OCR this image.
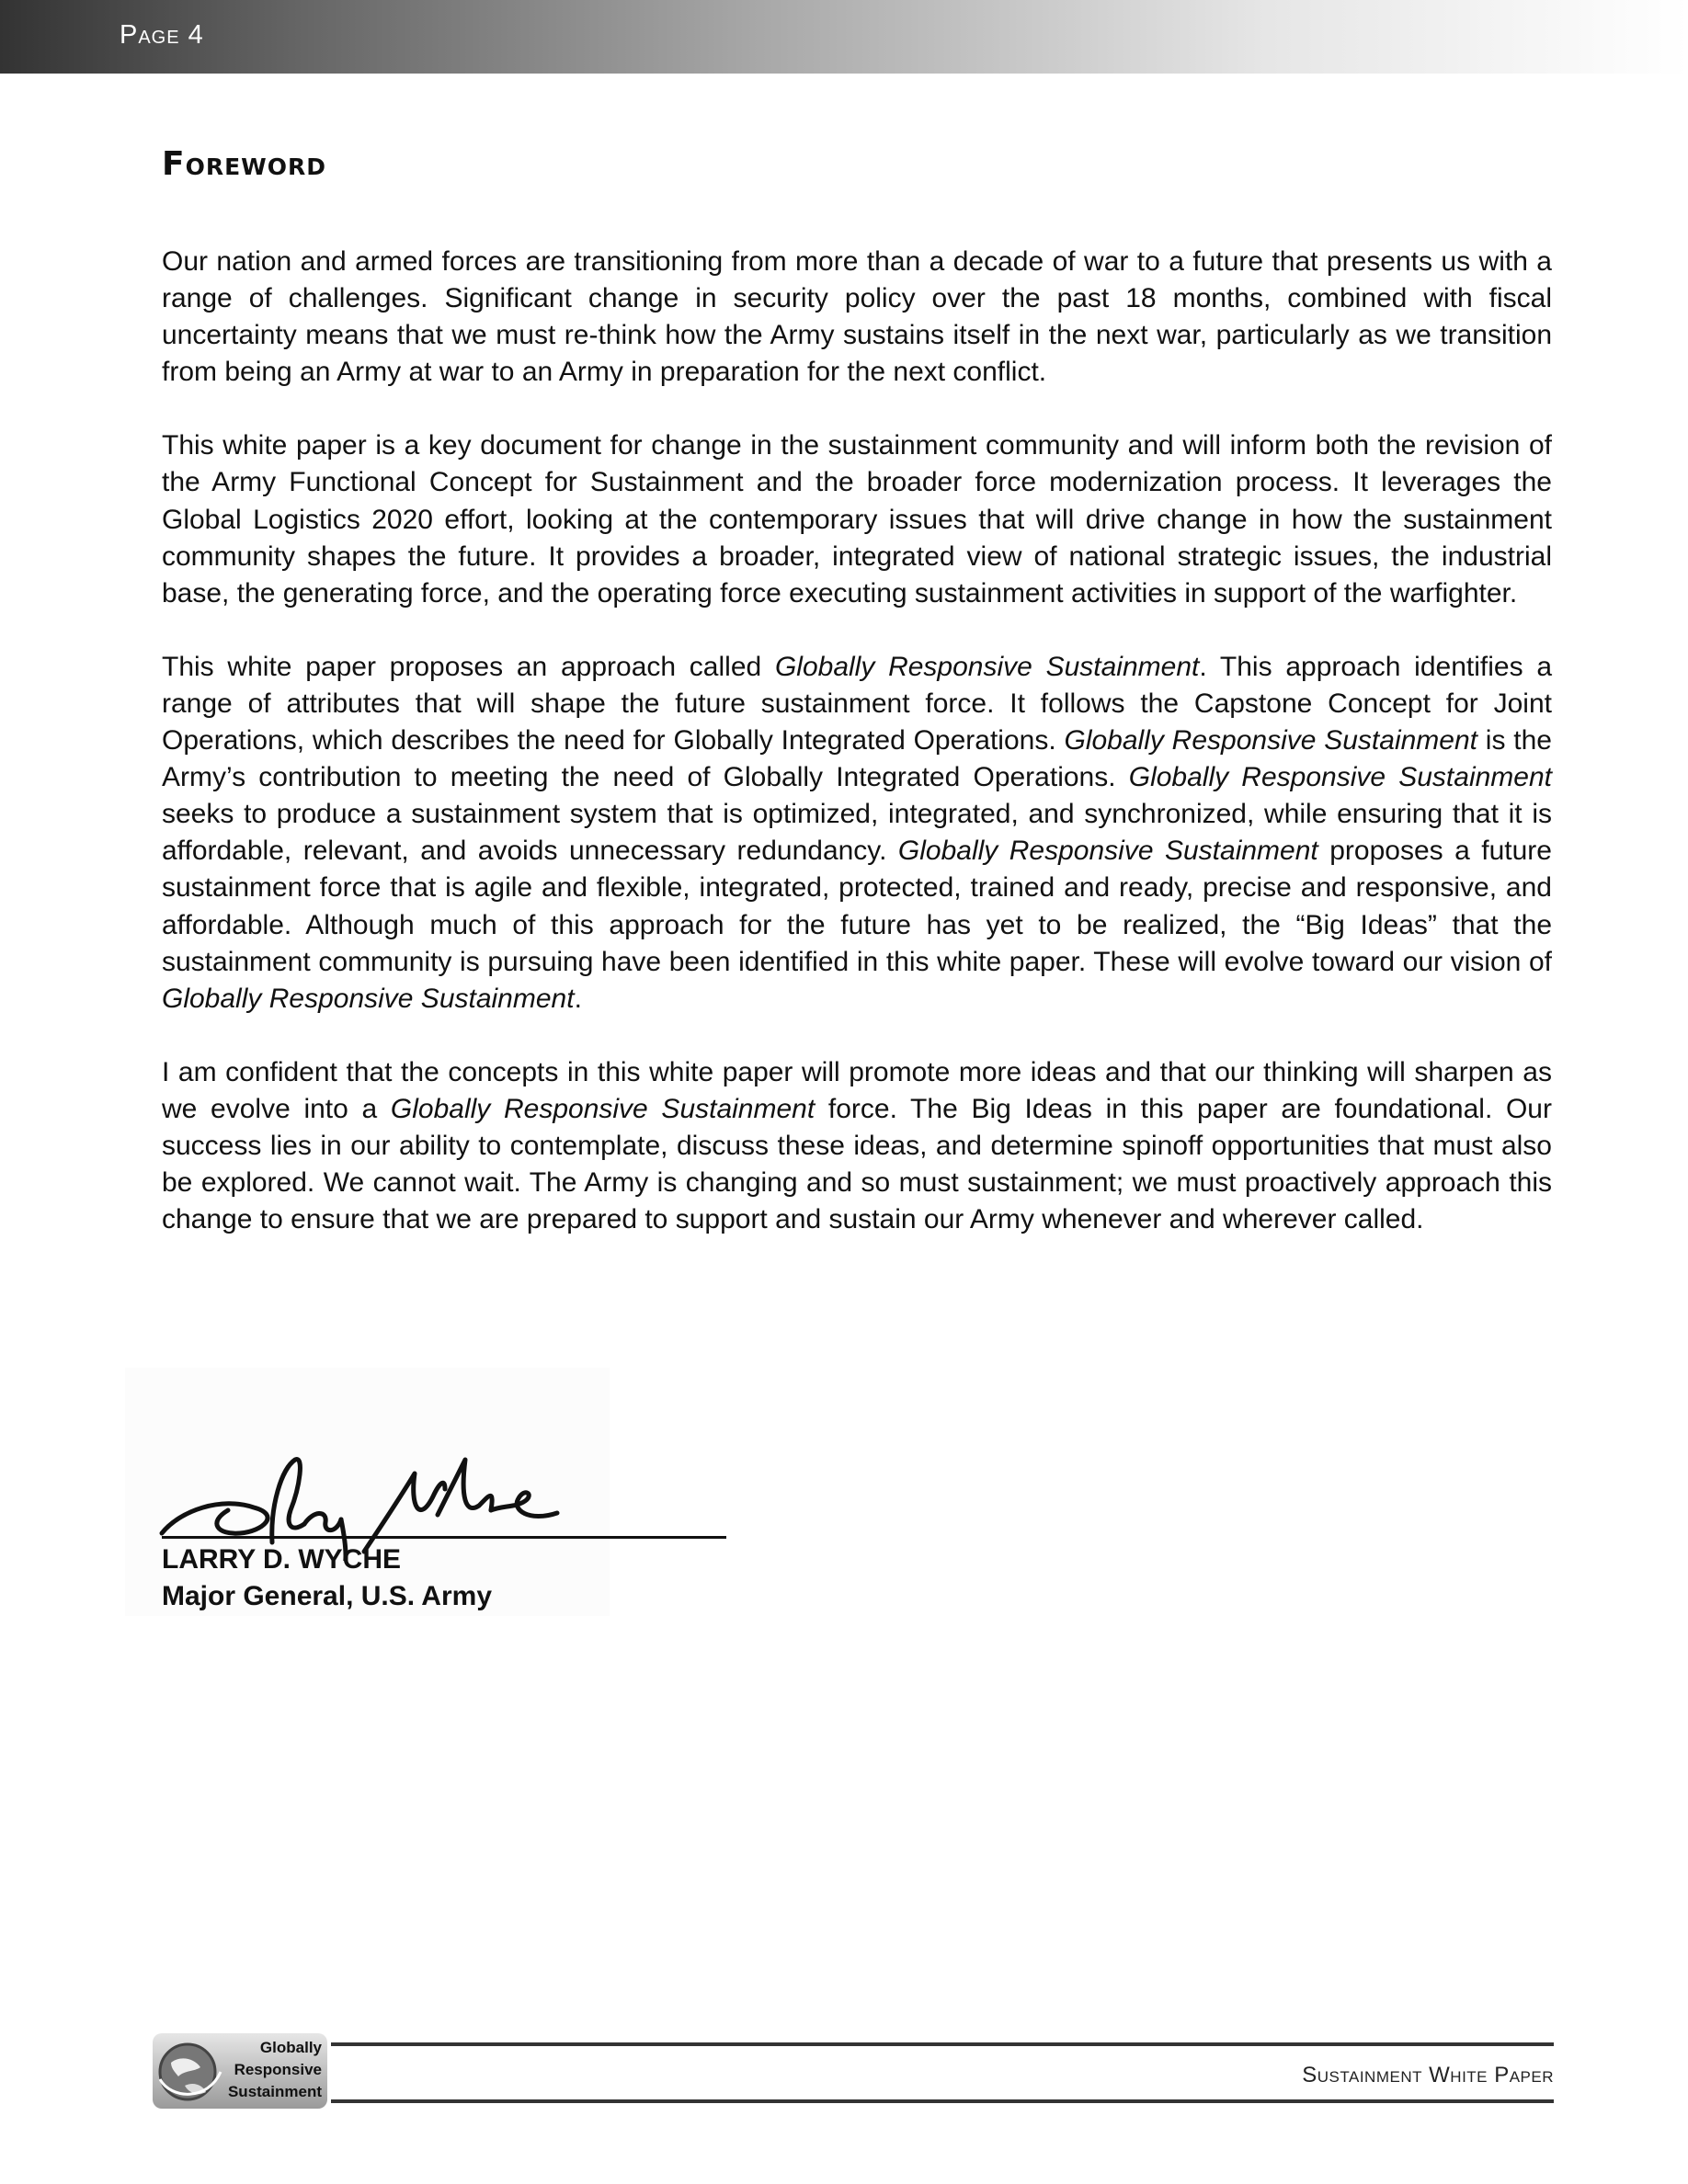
Page 4
Foreword

Our nation and armed forces are transitioning from more than a decade of war to a future that presents us with a range of challenges. Significant change in security policy over the past 18 months, combined with fiscal uncertainty means that we must re-think how the Army sustains itself in the next war, particularly as we transition from being an Army at war to an Army in preparation for the next conflict.

This white paper is a key document for change in the sustainment community and will inform both the revision of the Army Functional Concept for Sustainment and the broader force modernization process. It leverages the Global Logistics 2020 effort, looking at the contemporary issues that will drive change in how the sustainment community shapes the future. It provides a broader, integrated view of national strategic issues, the industrial base, the generating force, and the operating force executing sustainment activities in support of the warfighter.

This white paper proposes an approach called Globally Responsive Sustainment. This approach identifies a range of attributes that will shape the future sustainment force. It follows the Capstone Concept for Joint Operations, which describes the need for Globally Integrated Operations. Globally Responsive Sustainment is the Army’s contribution to meeting the need of Globally Integrated Operations. Globally Responsive Sustainment seeks to produce a sustainment system that is optimized, integrated, and synchronized, while ensuring that it is affordable, relevant, and avoids unnecessary redundancy. Globally Responsive Sustainment proposes a future sustainment force that is agile and flexible, integrated, protected, trained and ready, precise and responsive, and affordable. Although much of this approach for the future has yet to be realized, the “Big Ideas” that the sustainment community is pursuing have been identified in this white paper. These will evolve toward our vision of Globally Responsive Sustainment.

I am confident that the concepts in this white paper will promote more ideas and that our thinking will sharpen as we evolve into a Globally Responsive Sustainment force. The Big Ideas in this paper are foundational. Our success lies in our ability to contemplate, discuss these ideas, and determine spinoff opportunities that must also be explored. We cannot wait. The Army is changing and so must sustainment; we must proactively approach this change to ensure that we are prepared to support and sustain our Army whenever and wherever called.

LARRY D. WYCHE
Major General, U.S. Army
Globally
Responsive
Sustainment
Sustainment White Paper
